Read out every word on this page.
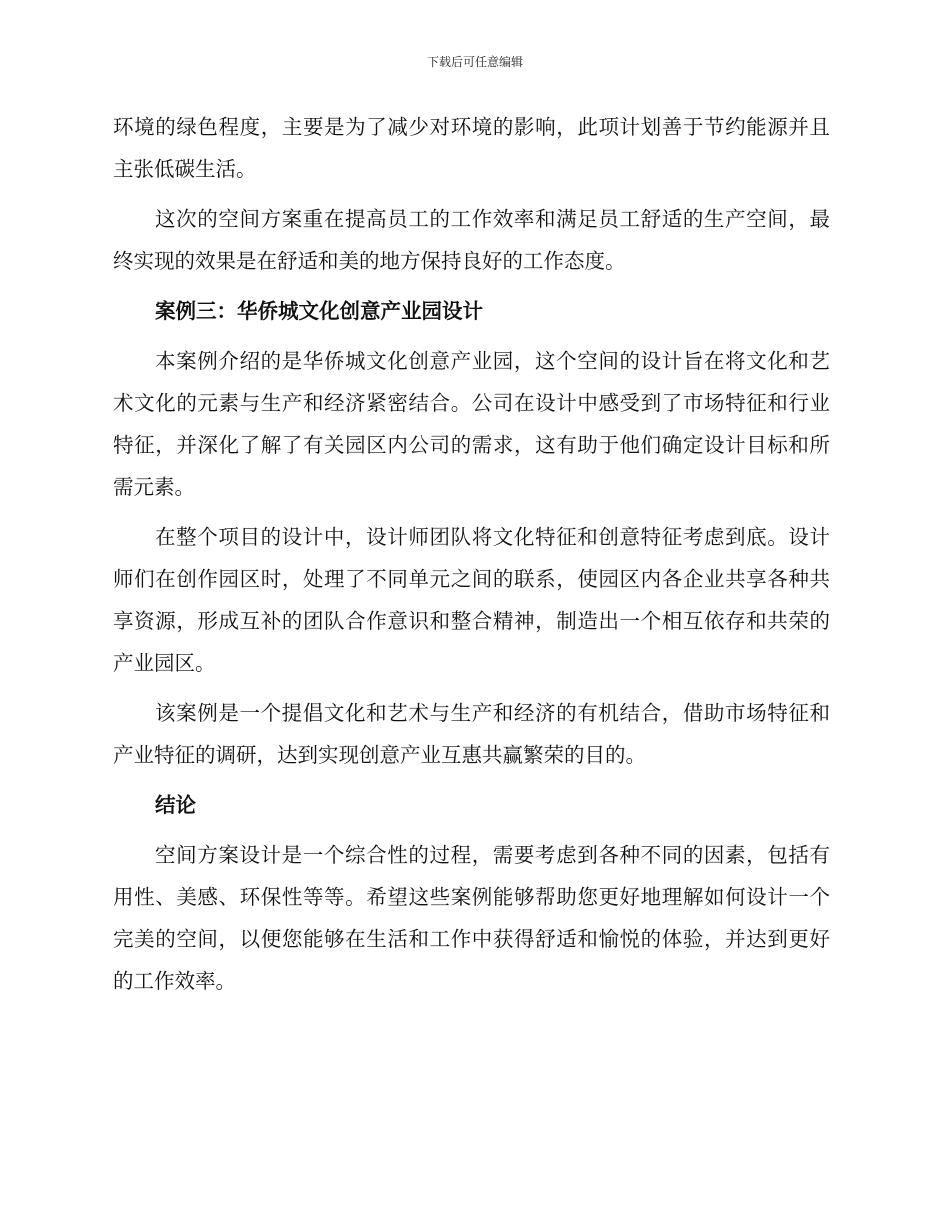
下载后可任意编辑

环境的绿色程度，主要是为了减少对环境的影响，此项计划善于节约能源并且主张低碳生活。

这次的空间方案重在提高员工的工作效率和满足员工舒适的生产空间，最终实现的效果是在舒适和美的地方保持良好的工作态度。

案例三：华侨城文化创意产业园设计

本案例介绍的是华侨城文化创意产业园，这个空间的设计旨在将文化和艺术文化的元素与生产和经济紧密结合。公司在设计中感受到了市场特征和行业特征，并深化了解了有关园区内公司的需求，这有助于他们确定设计目标和所需元素。

在整个项目的设计中，设计师团队将文化特征和创意特征考虑到底。设计师们在创作园区时，处理了不同单元之间的联系，使园区内各企业共享各种共享资源，形成互补的团队合作意识和整合精神，制造出一个相互依存和共荣的产业园区。

该案例是一个提倡文化和艺术与生产和经济的有机结合，借助市场特征和产业特征的调研，达到实现创意产业互惠共赢繁荣的目的。

结论

空间方案设计是一个综合性的过程，需要考虑到各种不同的因素，包括有用性、美感、环保性等等。希望这些案例能够帮助您更好地理解如何设计一个完美的空间，以便您能够在生活和工作中获得舒适和愉悦的体验，并达到更好的工作效率。
